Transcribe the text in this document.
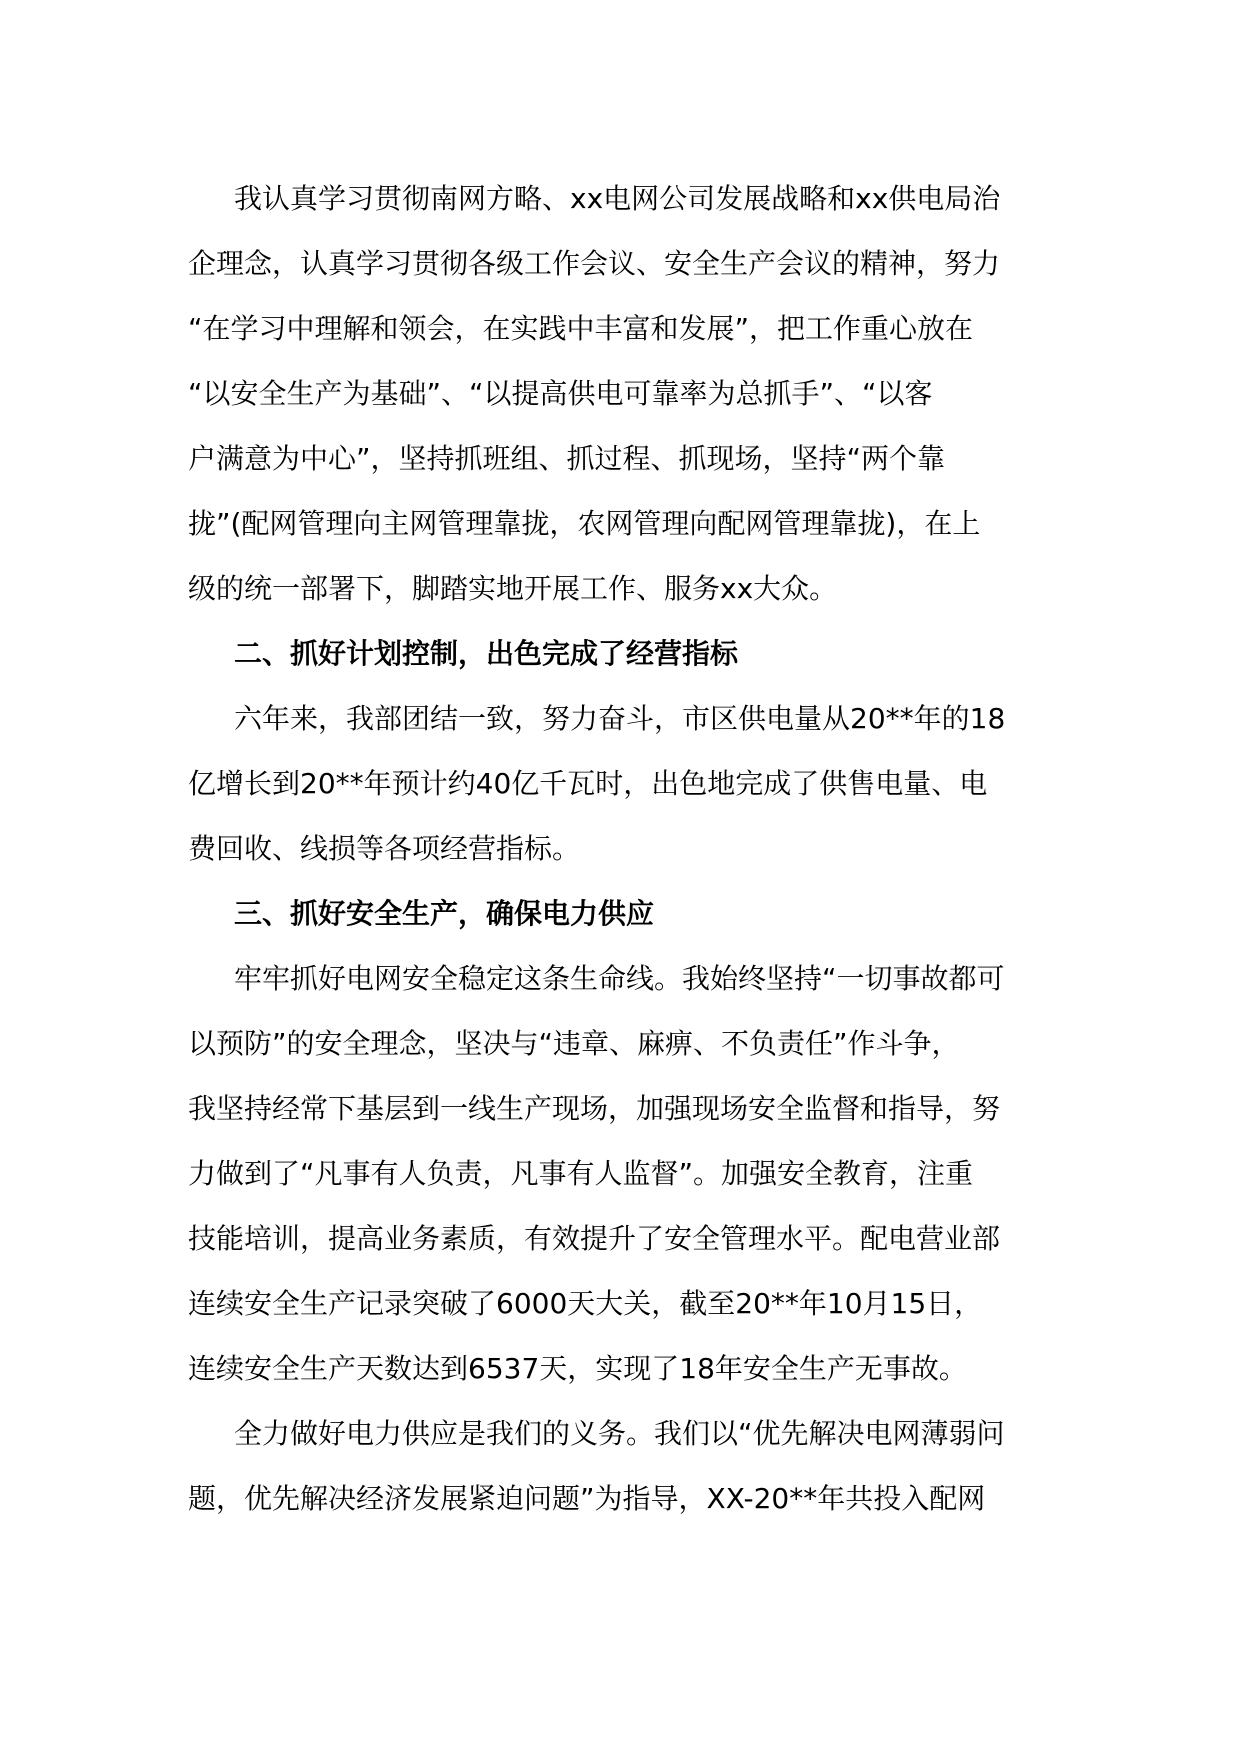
我认真学习贯彻南网方略、xx电网公司发展战略和xx供电局治
企理念，认真学习贯彻各级工作会议、安全生产会议的精神，努力
“在学习中理解和领会，在实践中丰富和发展”，把工作重心放在
“以安全生产为基础”、“以提高供电可靠率为总抓手”、“以客
户满意为中心”，坚持抓班组、抓过程、抓现场，坚持“两个靠
拢”(配网管理向主网管理靠拢，农网管理向配网管理靠拢)，在上
级的统一部署下，脚踏实地开展工作、服务xx大众。
二、抓好计划控制，出色完成了经营指标
六年来，我部团结一致，努力奋斗，市区供电量从20**年的18
亿增长到20**年预计约40亿千瓦时，出色地完成了供售电量、电
费回收、线损等各项经营指标。
三、抓好安全生产，确保电力供应
牢牢抓好电网安全稳定这条生命线。我始终坚持“一切事故都可
以预防”的安全理念，坚决与“违章、麻痹、不负责任”作斗争，
我坚持经常下基层到一线生产现场，加强现场安全监督和指导，努
力做到了“凡事有人负责，凡事有人监督”。加强安全教育，注重
技能培训，提高业务素质，有效提升了安全管理水平。配电营业部
连续安全生产记录突破了6000天大关，截至20**年10月15日，
连续安全生产天数达到6537天，实现了18年安全生产无事故。
全力做好电力供应是我们的义务。我们以“优先解决电网薄弱问
题，优先解决经济发展紧迫问题”为指导，XX-20**年共投入配网
